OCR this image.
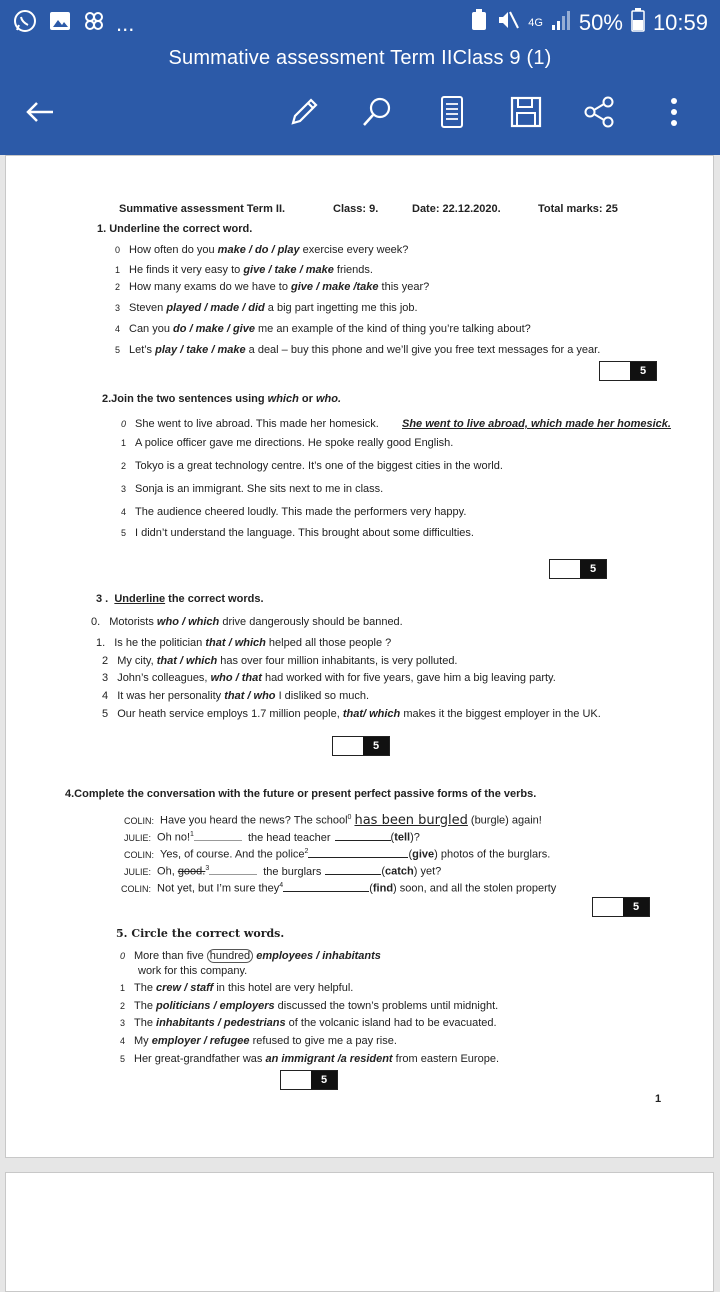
...	4G 50% 10:59
Summative assessment Term IIClass 9 (1)
Summative assessment Term II.	Class: 9.	Date: 22.12.2020.	Total marks: 25
1. Underline the correct word.
0 How often do you make / do / play exercise every week?
1 He finds it very easy to give / take / make friends.
2 How many exams do we have to give / make /take this year?
3 Steven played / made / did a big part ingetting me this job.
4 Can you do / make / give me an example of the kind of thing you’re talking about?
5 Let’s play / take / make a deal – buy this phone and we’ll give you free text messages for a year.
5
2.Join the two sentences using which or who.
0 She went to live abroad. This made her homesick. She went to live abroad, which made her homesick.
1 A police officer gave me directions. He spoke really good English.
2 Tokyo is a great technology centre. It’s one of the biggest cities in the world.
3 Sonja is an immigrant. She sits next to me in class.
4 The audience cheered loudly. This made the performers very happy.
5 I didn’t understand the language. This brought about some difficulties.
5
3 . Underline the correct words.
0. Motorists who / which drive dangerously should be banned.
1. Is he the politician that / which helped all those people ?
2 My city, that / which has over four million inhabitants, is very polluted.
3 John’s colleagues, who / that had worked with for five years, gave him a big leaving party.
4 It was her personality that / who I disliked so much.
5 Our heath service employs 1.7 million people, that/ which makes it the biggest employer in the UK.
5
4.Complete the conversation with the future or present perfect passive forms of the verbs.
COLIN: Have you heard the news? The school$^0$ has been burgled (burgle) again!
JULIE: Oh no!$^1$	the head teacher	(tell)?
COLIN: Yes, of course. And the police$^2$	(give) photos of the burglars.
JULIE: Oh, good.$^3$	the burglars	(catch) yet?
COLIN: Not yet, but I’m sure they$^4$	(find) soon, and all the stolen property
5
5. Circle the correct words.
0 More than five hundred employees / inhabitants
work for this company.
1 The crew / staff in this hotel are very helpful.
2 The politicians / employers discussed the town’s problems until midnight.
3 The inhabitants / pedestrians of the volcanic island had to be evacuated.
4 My employer / refugee refused to give me a pay rise.
5 Her great-grandfather was an immigrant /a resident from eastern Europe.
5
1
